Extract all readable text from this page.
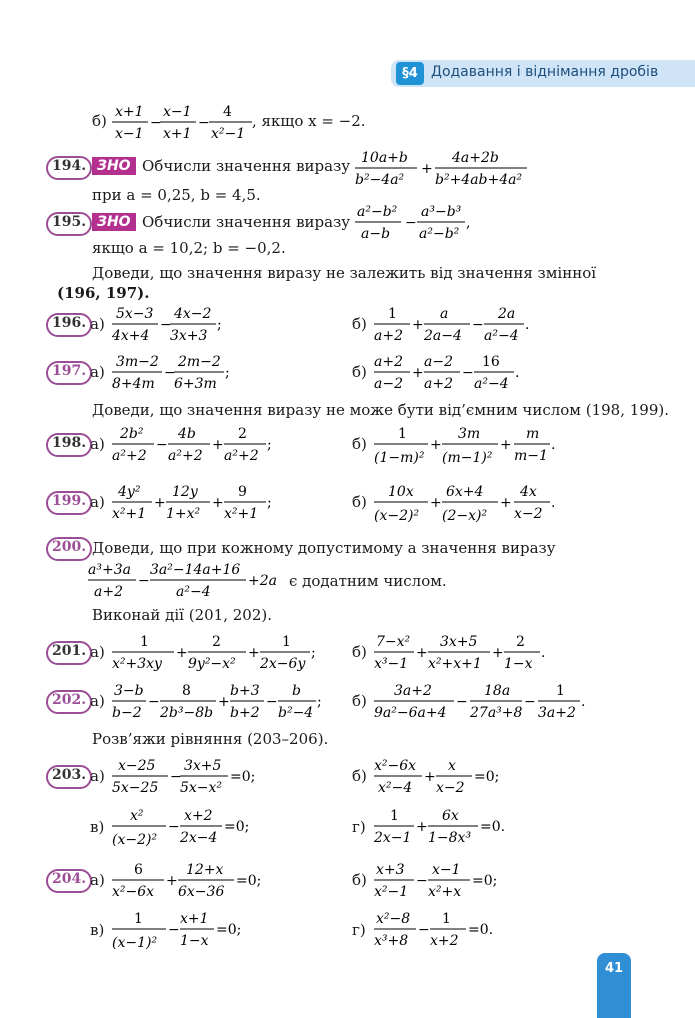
§4 Додавання і віднімання дробів
б) x+1
x−1
−
x−1
x+1
−
4
x²−1
, якщо x = −2.
194. ЗНО Обчисли значення виразу 10a+b
b²−4a²
+
4a+2b
b²+4ab+4a²
при a = 0,25, b = 4,5.
195. ЗНО Обчисли значення виразу
a²−b²
a−b
−
a³−b³
a²−b²
,
якщо a = 10,2; b = −0,2.
Доведи, що значення виразу не залежить від значення змінної
(196, 197).
196. а)
5x−3
4x+4
−
4x−2
3x+3
;	б)
1
a+2
+
a
2a−4
−
2a
a²−4
.
197. а)
3m−2
8+4m
−
2m−2
6+3m
;	б)
a+2
a−2
+
a−2
a+2
−
16
a²−4
.
Доведи, що значення виразу не може бути від’ємним числом (198, 199).
198. а)
2b²
a²+2
−
4b
a²+2
+
2
a²+2
;	б)
1
(1−m)²
+
3m
(m−1)²
+
m
m−1
.
199. а)
4y²
x²+1
+
12y
1+x²
+
9
x²+1
;	б)
10x
(x−2)²
+
6x+4
(2−x)²
+
4x
x−2
.
200. Доведи, що при кожному допустимому a значення виразу
a³+3a
a+2
−
3a²−14a+16
a²−4
+2a є додатним числом.
Виконай дії (201, 202).
201. а)
1
x²+3xy
+
2
9y²−x²
+
1
2x−6y
; б)
7−x²
x³−1
+
3x+5
x²+x+1
+
2
1−x
.
202. а)
3−b
b−2
−
8
2b³−8b
+
b+3
b+2
−
b
b²−4
; б)
3a+2
9a²−6a+4
−
18a
27a³+8
−
1
3a+2
.
Розв’яжи рівняння (203–206).
203. а)
x−25
5x−25
−
3x+5
5x−x²
=0;	б)
x²−6x
x²−4
+
x
x−2
=0;
в)
x²
(x−2)²
−
x+2
2x−4
=0;	г)
1
2x−1
+
6x
1−8x³
=0.
204. а)
6
x²−6x
+
12+x
6x−36
=0;	б)
x+3
x²−1
−
x−1
x²+x
=0;
в)
1
(x−1)²
−
x+1
1−x
=0;	г)
x²−8
x³+8
−
1
x+2
=0.
41
